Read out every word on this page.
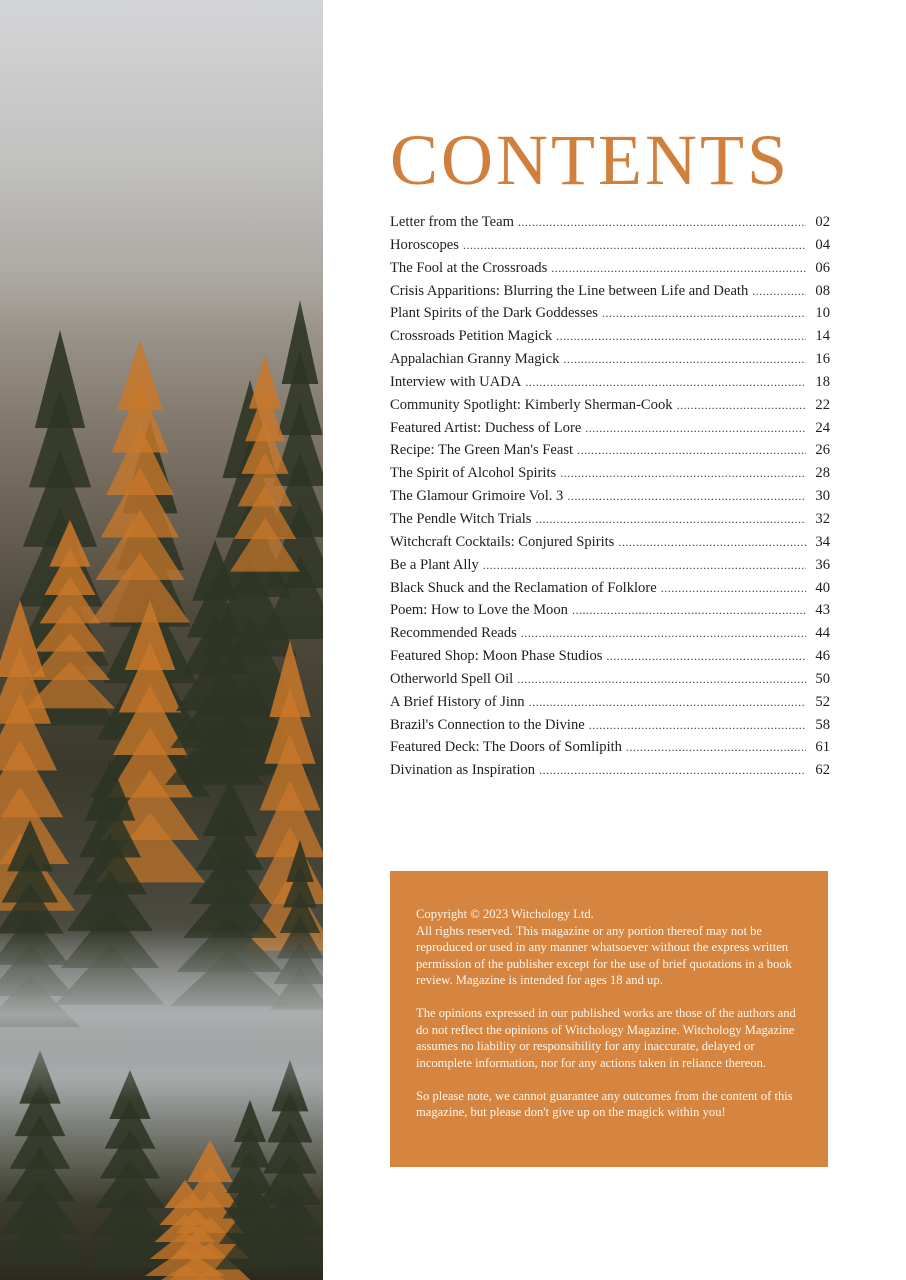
CONTENTS
Letter from the Team .....	02
Horoscopes .....	04
The Fool at the Crossroads .....	06
Crisis Apparitions: Blurring the Line between Life and Death .....	08
Plant Spirits of the Dark Goddesses .....	10
Crossroads Petition Magick .....	14
Appalachian Granny Magick .....	16
Interview with UADA .....	18
Community Spotlight: Kimberly Sherman-Cook .....	22
Featured Artist: Duchess of Lore .....	24
Recipe: The Green Man's Feast .....	26
The Spirit of Alcohol Spirits .....	28
The Glamour Grimoire Vol. 3 .....	30
The Pendle Witch Trials .....	32
Witchcraft Cocktails: Conjured Spirits .....	34
Be a Plant Ally .....	36
Black Shuck and the Reclamation of Folklore .....	40
Poem: How to Love the Moon .....	43
Recommended Reads .....	44
Featured Shop: Moon Phase Studios .....	46
Otherworld Spell Oil .....	50
A Brief History of Jinn .....	52
Brazil's Connection to the Divine .....	58
Featured Deck: The Doors of Somlipith .....	61
Divination as Inspiration .....	62

Copyright © 2023 Witchology Ltd.
All rights reserved. This magazine or any portion thereof may not be reproduced or used in any manner whatsoever without the express written permission of the publisher except for the use of brief quotations in a book review. Magazine is intended for ages 18 and up.

The opinions expressed in our published works are those of the authors and do not reflect the opinions of Witchology Magazine. Witchology Magazine assumes no liability or responsibility for any inaccurate, delayed or incomplete information, nor for any actions taken in reliance thereon.

So please note, we cannot guarantee any outcomes from the content of this magazine, but please don't give up on the magick within you!
